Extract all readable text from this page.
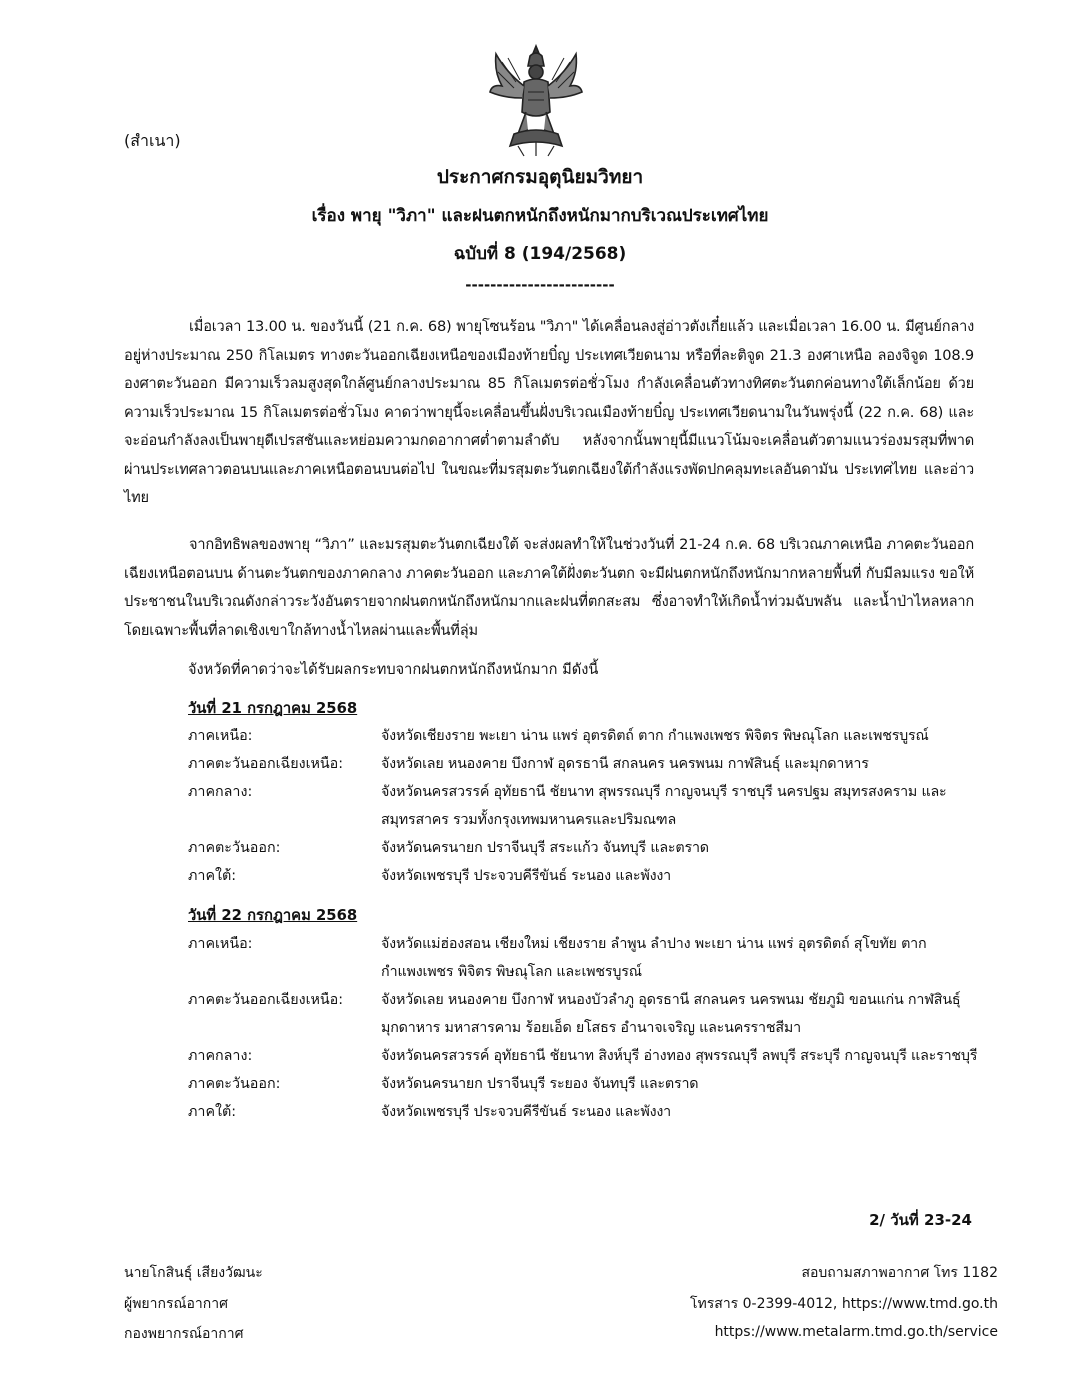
(สำเนา)
ประกาศกรมอุตุนิยมวิทยา
เรื่อง พายุ "วิภา" และฝนตกหนักถึงหนักมากบริเวณประเทศไทย
ฉบับที่ 8 (194/2568)
------------------------

เมื่อเวลา 13.00 น. ของวันนี้ (21 ก.ค. 68) พายุโซนร้อน "วิภา" ได้เคลื่อนลงสู่อ่าวตังเกี๋ยแล้ว และเมื่อเวลา 16.00 น. มีศูนย์กลางอยู่ห่างประมาณ 250 กิโลเมตร ทางตะวันออกเฉียงเหนือของเมืองท้ายบิ๋ญ ประเทศเวียดนาม หรือที่ละติจูด 21.3 องศาเหนือ ลองจิจูด 108.9 องศาตะวันออก มีความเร็วลมสูงสุดใกล้ศูนย์กลางประมาณ 85 กิโลเมตรต่อชั่วโมง กำลังเคลื่อนตัวทางทิศตะวันตกค่อนทางใต้เล็กน้อย ด้วยความเร็วประมาณ 15 กิโลเมตรต่อชั่วโมง คาดว่าพายุนี้จะเคลื่อนขึ้นฝั่งบริเวณเมืองท้ายบิ๋ญ ประเทศเวียดนามในวันพรุ่งนี้ (22 ก.ค. 68) และจะอ่อนกำลังลงเป็นพายุดีเปรสชันและหย่อมความกดอากาศต่ำตามลำดับ หลังจากนั้นพายุนี้มีแนวโน้มจะเคลื่อนตัวตามแนวร่องมรสุมที่พาดผ่านประเทศลาวตอนบนและภาคเหนือตอนบนต่อไป ในขณะที่มรสุมตะวันตกเฉียงใต้กำลังแรงพัดปกคลุมทะเลอันดามัน ประเทศไทย และอ่าวไทย

จากอิทธิพลของพายุ “วิภา” และมรสุมตะวันตกเฉียงใต้ จะส่งผลทำให้ในช่วงวันที่ 21-24 ก.ค. 68 บริเวณภาคเหนือ ภาคตะวันออกเฉียงเหนือตอนบน ด้านตะวันตกของภาคกลาง ภาคตะวันออก และภาคใต้ฝั่งตะวันตก จะมีฝนตกหนักถึงหนักมากหลายพื้นที่ กับมีลมแรง ขอให้ประชาชนในบริเวณดังกล่าวระวังอันตรายจากฝนตกหนักถึงหนักมากและฝนที่ตกสะสม ซึ่งอาจทำให้เกิดน้ำท่วมฉับพลัน และน้ำป่าไหลหลาก โดยเฉพาะพื้นที่ลาดเชิงเขาใกล้ทางน้ำไหลผ่านและพื้นที่ลุ่ม

จังหวัดที่คาดว่าจะได้รับผลกระทบจากฝนตกหนักถึงหนักมาก มีดังนี้
วันที่ 21 กรกฎาคม 2568
ภาคเหนือ:	จังหวัดเชียงราย พะเยา น่าน แพร่ อุตรดิตถ์ ตาก กำแพงเพชร พิจิตร พิษณุโลก และเพชรบูรณ์
ภาคตะวันออกเฉียงเหนือ:	จังหวัดเลย หนองคาย บึงกาฬ อุดรธานี สกลนคร นครพนม กาฬสินธุ์ และมุกดาหาร
ภาคกลาง:	จังหวัดนครสวรรค์ อุทัยธานี ชัยนาท สุพรรณบุรี กาญจนบุรี ราชบุรี นครปฐม สมุทรสงคราม และสมุทรสาคร รวมทั้งกรุงเทพมหานครและปริมณฑล
ภาคตะวันออก:	จังหวัดนครนายก ปราจีนบุรี สระแก้ว จันทบุรี และตราด
ภาคใต้:	จังหวัดเพชรบุรี ประจวบคีรีขันธ์ ระนอง และพังงา
วันที่ 22 กรกฎาคม 2568
ภาคเหนือ:	จังหวัดแม่ฮ่องสอน เชียงใหม่ เชียงราย ลำพูน ลำปาง พะเยา น่าน แพร่ อุตรดิตถ์ สุโขทัย ตาก กำแพงเพชร พิจิตร พิษณุโลก และเพชรบูรณ์
ภาคตะวันออกเฉียงเหนือ:	จังหวัดเลย หนองคาย บึงกาฬ หนองบัวลำภู อุดรธานี สกลนคร นครพนม ชัยภูมิ ขอนแก่น กาฬสินธุ์ มุกดาหาร มหาสารคาม ร้อยเอ็ด ยโสธร อำนาจเจริญ และนครราชสีมา
ภาคกลาง:	จังหวัดนครสวรรค์ อุทัยธานี ชัยนาท สิงห์บุรี อ่างทอง สุพรรณบุรี ลพบุรี สระบุรี กาญจนบุรี และราชบุรี
ภาคตะวันออก:	จังหวัดนครนายก ปราจีนบุรี ระยอง จันทบุรี และตราด
ภาคใต้:	จังหวัดเพชรบุรี ประจวบคีรีขันธ์ ระนอง และพังงา
2/ วันที่ 23-24
นายโกสินธุ์ เสียงวัฒนะ
ผู้พยากรณ์อากาศ
กองพยากรณ์อากาศ
สอบถามสภาพอากาศ โทร 1182
โทรสาร 0-2399-4012, https://www.tmd.go.th
https://www.metalarm.tmd.go.th/service
